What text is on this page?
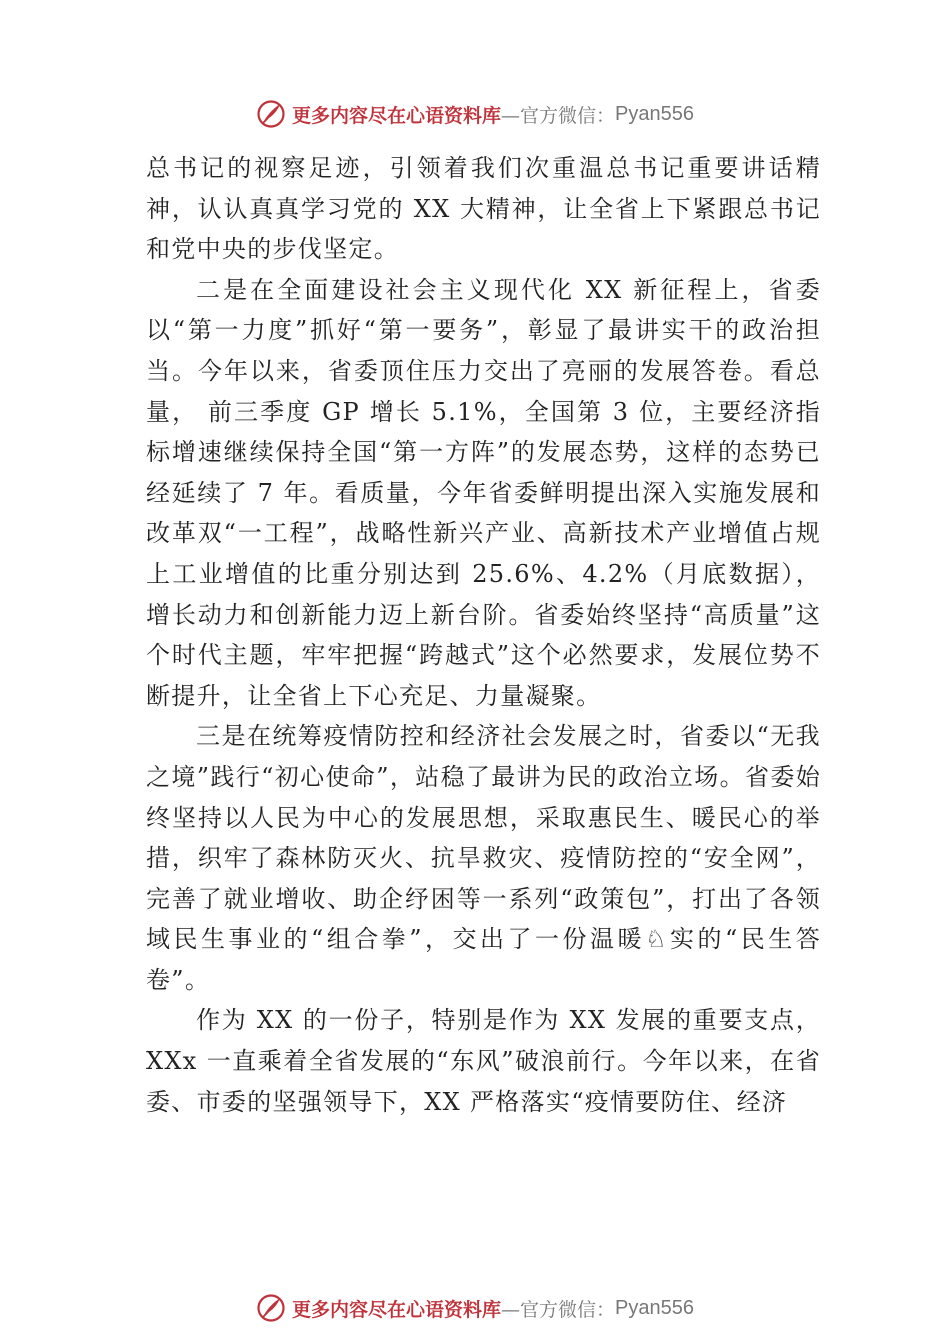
更多内容尽在心语资料库 —官方微信： Pyan556

总书记的视察足迹，引领着我们次重温总书记重要讲话精神，认认真真学习党的 XX 大精神，让全省上下紧跟总书记和党中央的步伐坚定。

二是在全面建设社会主义现代化 XX 新征程上，省委以“第一力度”抓好“第一要务”，彰显了最讲实干的政治担当。今年以来，省委顶住压力交出了亮丽的发展答卷。看总量， 前三季度 GP 增长 5.1%，全国第 3 位，主要经济指标增速继续保持全国“第一方阵”的发展态势，这样的态势已经延续了 7 年。看质量，今年省委鲜明提出深入实施发展和改革双“一工程”，战略性新兴产业、高新技术产业增值占规上工业增值的比重分别达到 25.6%、4.2%（月底数据），增长动力和创新能力迈上新台阶。省委始终坚持“高质量”这个时代主题，牢牢把握“跨越式”这个必然要求，发展位势不断提升，让全省上下心充足、力量凝聚。

三是在统筹疫情防控和经济社会发展之时，省委以“无我之境”践行“初心使命”，站稳了最讲为民的政治立场。省委始终坚持以人民为中心的发展思想，采取惠民生、暖民心的举措，织牢了森林防灭火、抗旱救灾、疫情防控的“安全网”，完善了就业增收、助企纾困等一系列“政策包”，打出了各领域民生事业的“组合拳”，交出了一份温暖♘实的“民生答卷”。

作为 XX 的一份子，特别是作为 XX 发展的重要支点， XXx 一直乘着全省发展的“东风”破浪前行。今年以来，在省委、市委的坚强领导下，XX 严格落实“疫情要防住、经济

更多内容尽在心语资料库 —官方微信： Pyan556
